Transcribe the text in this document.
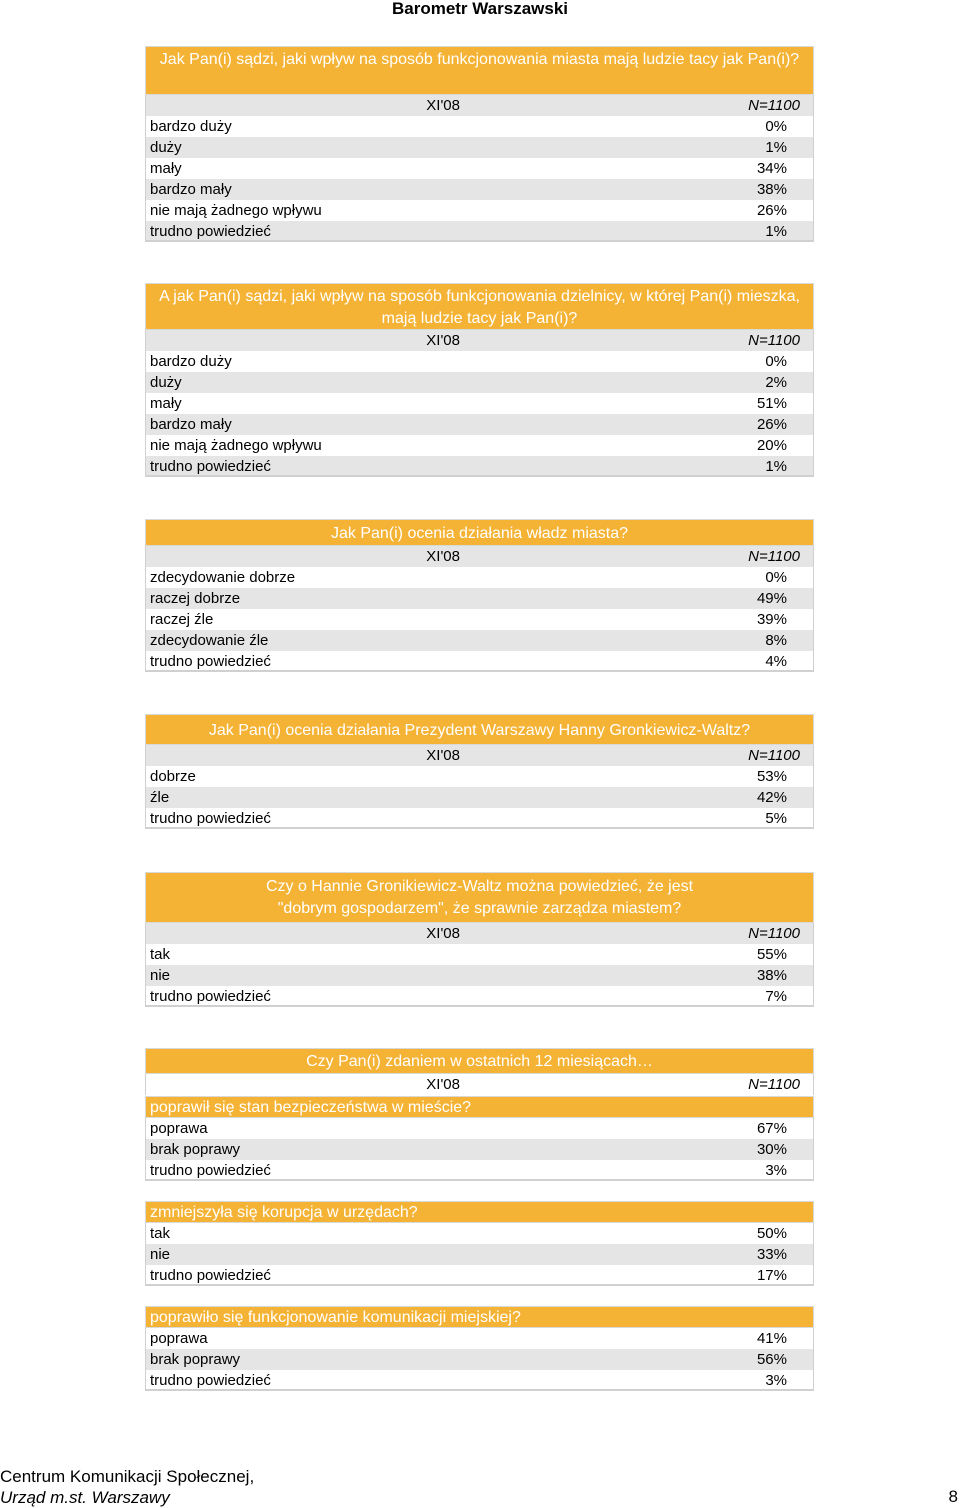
Barometr Warszawski
Jak Pan(i) sądzi, jaki wpływ na sposób funkcjonowania miasta mają ludzie tacy jak Pan(i)?
XI'08	N=1100
bardzo duży	0%
duży	1%
mały	34%
bardzo mały	38%
nie mają żadnego wpływu	26%
trudno powiedzieć	1%
A jak Pan(i) sądzi, jaki wpływ na sposób funkcjonowania dzielnicy, w której Pan(i) mieszka, mają ludzie tacy jak Pan(i)?
XI'08	N=1100
bardzo duży	0%
duży	2%
mały	51%
bardzo mały	26%
nie mają żadnego wpływu	20%
trudno powiedzieć	1%
Jak Pan(i) ocenia działania władz miasta?
XI'08	N=1100
zdecydowanie dobrze	0%
raczej dobrze	49%
raczej źle	39%
zdecydowanie źle	8%
trudno powiedzieć	4%
Jak Pan(i) ocenia działania Prezydent Warszawy Hanny Gronkiewicz-Waltz?
XI'08	N=1100
dobrze	53%
źle	42%
trudno powiedzieć	5%
Czy o Hannie Gronikiewicz-Waltz można powiedzieć, że jest "dobrym gospodarzem", że sprawnie zarządza miastem?
XI'08	N=1100
tak	55%
nie	38%
trudno powiedzieć	7%
Czy Pan(i) zdaniem w ostatnich 12 miesiącach…
XI'08	N=1100
poprawił się stan bezpieczeństwa w mieście?
poprawa	67%
brak poprawy	30%
trudno powiedzieć	3%
zmniejszyła się korupcja w urzędach?
tak	50%
nie	33%
trudno powiedzieć	17%
poprawiło się funkcjonowanie komunikacji miejskiej?
poprawa	41%
brak poprawy	56%
trudno powiedzieć	3%
Centrum Komunikacji Społecznej,
Urząd m.st. Warszawy	8
